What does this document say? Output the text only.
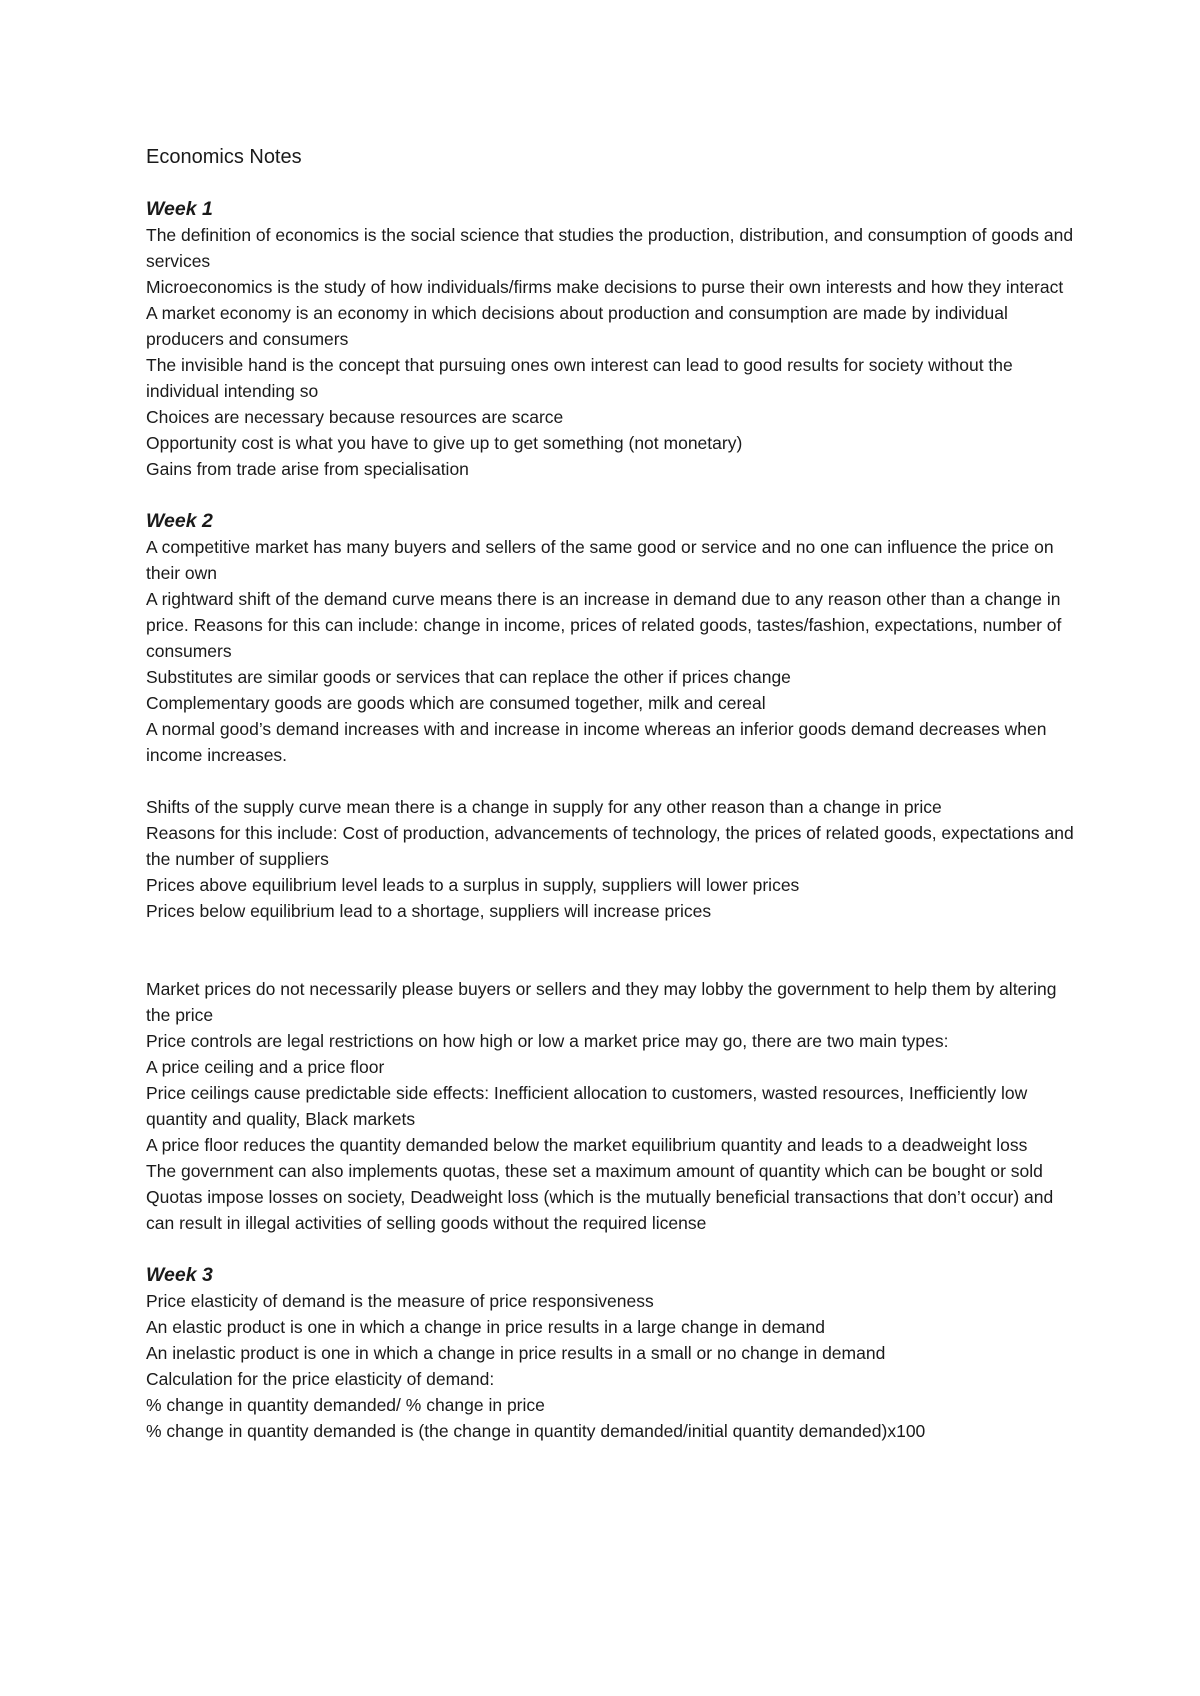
Economics Notes
Week 1

The definition of economics is the social science that studies the production, distribution, and consumption of goods and services

Microeconomics is the study of how individuals/firms make decisions to purse their own interests and how they interact

A market economy is an economy in which decisions about production and consumption are made by individual producers and consumers

The invisible hand is the concept that pursuing ones own interest can lead to good results for society without the individual intending so

Choices are necessary because resources are scarce

Opportunity cost is what you have to give up to get something (not monetary)

Gains from trade arise from specialisation

Week 2

A competitive market has many buyers and sellers of the same good or service and no one can influence the price on their own

A rightward shift of the demand curve means there is an increase in demand due to any reason other than a change in price. Reasons for this can include: change in income, prices of related goods, tastes/fashion, expectations, number of consumers

Substitutes are similar goods or services that can replace the other if prices change

Complementary goods are goods which are consumed together, milk and cereal

A normal good’s demand increases with and increase in income whereas an inferior goods demand decreases when income increases.

Shifts of the supply curve mean there is a change in supply for any other reason than a change in price

Reasons for this include: Cost of production, advancements of technology, the prices of related goods, expectations and the number of suppliers

Prices above equilibrium level leads to a surplus in supply, suppliers will lower prices

Prices below equilibrium lead to a shortage, suppliers will increase prices

Market prices do not necessarily please buyers or sellers and they may lobby the government to help them by altering the price

Price controls are legal restrictions on how high or low a market price may go, there are two main types:

A price ceiling and a price floor

Price ceilings cause predictable side effects: Inefficient allocation to customers, wasted resources, Inefficiently low quantity and quality, Black markets

A price floor reduces the quantity demanded below the market equilibrium quantity and leads to a deadweight loss

The government can also implements quotas, these set a maximum amount of quantity which can be bought or sold

Quotas impose losses on society, Deadweight loss (which is the mutually beneficial transactions that don’t occur) and can result in illegal activities of selling goods without the required license

Week 3

Price elasticity of demand is the measure of price responsiveness

An elastic product is one in which a change in price results in a large change in demand

An inelastic product is one in which a change in price results in a small or no change in demand

Calculation for the price elasticity of demand:

% change in quantity demanded/ % change in price

% change in quantity demanded is (the change in quantity demanded/initial quantity demanded)x100
